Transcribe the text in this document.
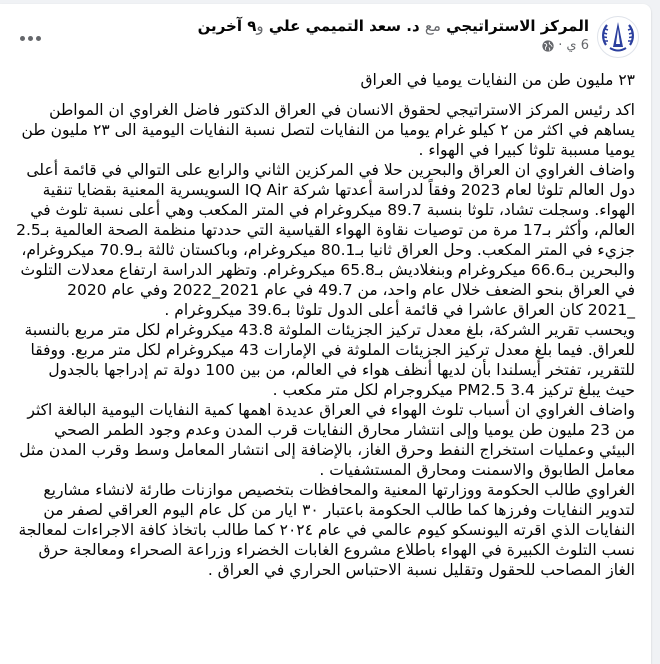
المركز الاستراتيجي مع د. سعد التميمي علي و٩ آخرين
6 ي
·

٢٣ مليون طن من النفايات يوميا في العراق

اكد رئيس المركز الاستراتيجي لحقوق الانسان في العراق الدكتور فاضل الغراوي ان المواطن يساهم في اكثر من ٢ كيلو غرام يوميا من النفايات لتصل نسبة النفايات اليومية الى ٢٣ مليون طن يوميا مسببة تلوثا كبيرا في الهواء .

واضاف الغراوي ان العراق والبحرين حلا في المركزين الثاني والرابع على التوالي في قائمة أعلى دول العالم تلوثا لعام 2023 وفقاً لدراسة أعدتها شركة IQ Air السويسرية المعنية بقضايا تنقية الهواء. وسجلت تشاد، تلوثا بنسبة 89.7 ميكروغرام في المتر المكعب وهي أعلى نسبة تلوث في العالم، وأكثر بـ17 مرة من توصيات نقاوة الهواء القياسية التي حددتها منظمة الصحة العالمية بـ2.5 جزيء في المتر المكعب. وحل العراق ثانيا بـ80.1 ميكروغرام، وباكستان ثالثة بـ70.9 ميكروغرام، والبحرين بـ66.6 ميكروغرام وبنغلاديش بـ65.8 ميكروغرام. وتظهر الدراسة ارتفاع معدلات التلوث في العراق بنحو الضعف خلال عام واحد، من 49.7 في عام 2021_2022 وفي عام 2020 _2021 كان العراق عاشرا في قائمة أعلى الدول تلوثا بـ39.6 ميكروغرام .

ويحسب تقرير الشركة، بلغ معدل تركيز الجزيئات الملوثة 43.8 ميكروغرام لكل متر مربع بالنسبة للعراق. فيما بلغ معدل تركيز الجزيئات الملوثة في الإمارات 43 ميكروغرام لكل متر مربع. ووفقا للتقرير، تفتخر أيسلندا بأن لديها أنظف هواء في العالم، من بين 100 دولة تم إدراجها بالجدول حيث يبلغ تركيز PM2.5 3.4 ميكروجرام لكل متر مكعب .

واضاف الغراوي ان أسباب تلوث الهواء في العراق عديدة اهمها كمية النفايات اليومية البالغة اكثر من 23 مليون طن يوميا وإلى انتشار محارق النفايات قرب المدن وعدم وجود الطمر الصحي البيئي وعمليات استخراج النفط وحرق الغاز، بالإضافة إلى انتشار المعامل وسط وقرب المدن مثل معامل الطابوق والاسمنت ومحارق المستشفيات .

الغراوي طالب الحكومة ووزارتها المعنية والمحافظات بتخصيص موازنات طارئة لانشاء مشاريع لتدوير النفايات وفرزها كما طالب الحكومة باعتبار ٣٠ ايار من كل عام اليوم العراقي لصفر من النفايات الذي اقرته اليونسكو كيوم عالمي في عام ٢٠٢٤ كما طالب باتخاذ كافة الاجراءات لمعالجة نسب التلوث الكبيرة في الهواء باطلاع مشروع الغابات الخضراء وزراعة الصحراء ومعالجة حرق الغاز المصاحب للحقول وتقليل نسبة الاحتباس الحراري في العراق .
